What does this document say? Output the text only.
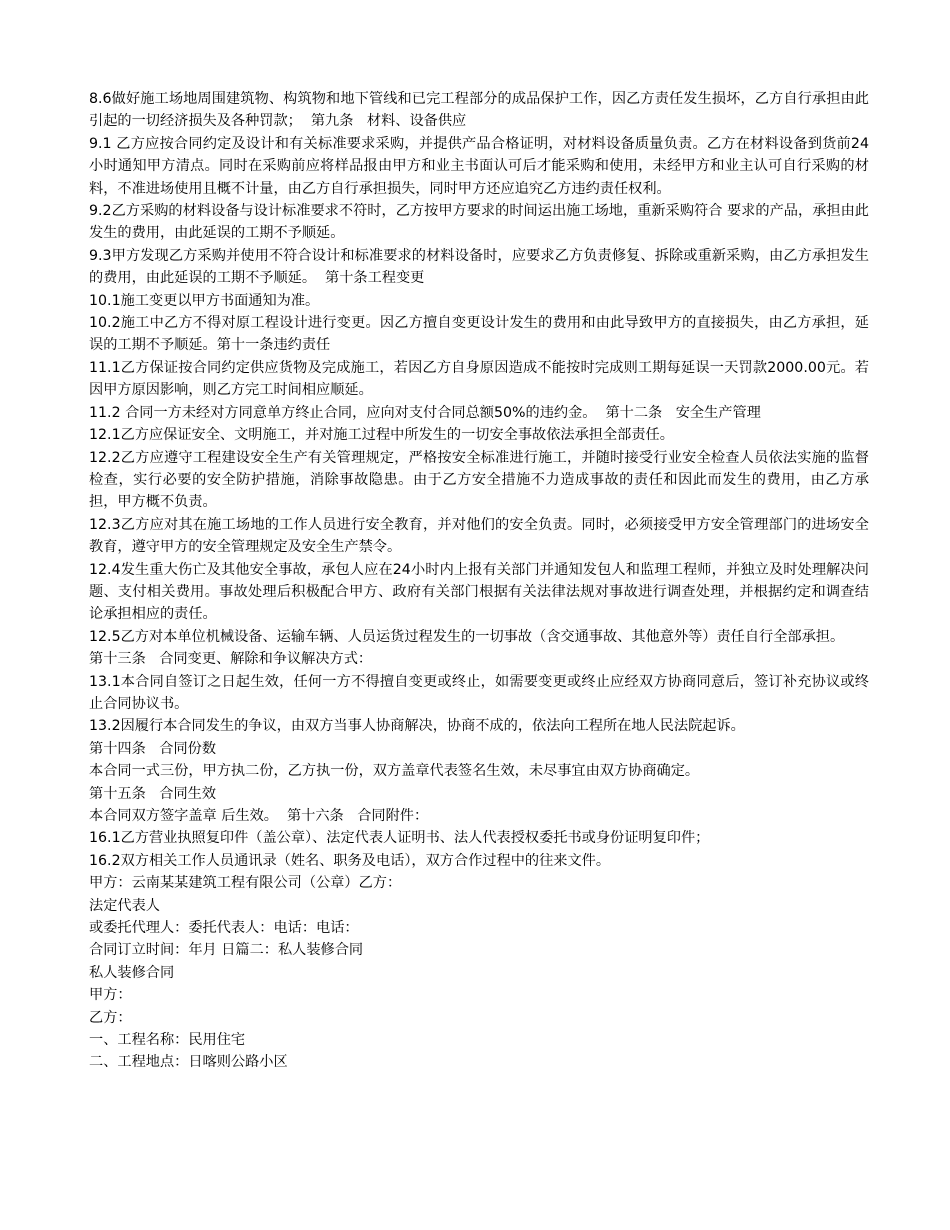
8.6做好施工场地周围建筑物、构筑物和地下管线和已完工程部分的成品保护工作，因乙方责任发生损坏，乙方自行承担由此引起的一切经济损失及各种罚款；  第九条   材料、设备供应

9.1 乙方应按合同约定及设计和有关标准要求采购，并提供产品合格证明，对材料设备质量负责。乙方在材料设备到货前24小时通知甲方清点。同时在采购前应将样品报由甲方和业主书面认可后才能采购和使用，未经甲方和业主认可自行采购的材料，不准进场使用且概不计量，由乙方自行承担损失，同时甲方还应追究乙方违约责任权利。

9.2乙方采购的材料设备与设计标准要求不符时，乙方按甲方要求的时间运出施工场地，重新采购符合 要求的产品，承担由此发生的费用，由此延误的工期不予顺延。

9.3甲方发现乙方采购并使用不符合设计和标准要求的材料设备时，应要求乙方负责修复、拆除或重新采购，由乙方承担发生的费用，由此延误的工期不予顺延。  第十条工程变更

10.1施工变更以甲方书面通知为准。

10.2施工中乙方不得对原工程设计进行变更。因乙方擅自变更设计发生的费用和由此导致甲方的直接损失，由乙方承担，延误的工期不予顺延。第十一条违约责任

11.1乙方保证按合同约定供应货物及完成施工，若因乙方自身原因造成不能按时完成则工期每延误一天罚款2000.00元。若因甲方原因影响，则乙方完工时间相应顺延。

11.2 合同一方未经对方同意单方终止合同，应向对支付合同总额50%的违约金。  第十二条   安全生产管理

12.1乙方应保证安全、文明施工，并对施工过程中所发生的一切安全事故依法承担全部责任。

12.2乙方应遵守工程建设安全生产有关管理规定，严格按安全标准进行施工，并随时接受行业安全检查人员依法实施的监督检查，实行必要的安全防护措施，消除事故隐患。由于乙方安全措施不力造成事故的责任和因此而发生的费用，由乙方承担，甲方概不负责。

12.3乙方应对其在施工场地的工作人员进行安全教育，并对他们的安全负责。同时，必须接受甲方安全管理部门的进场安全教育，遵守甲方的安全管理规定及安全生产禁令。

12.4发生重大伤亡及其他安全事故，承包人应在24小时内上报有关部门并通知发包人和监理工程师，并独立及时处理解决问题、支付相关费用。事故处理后积极配合甲方、政府有关部门根据有关法律法规对事故进行调查处理，并根据约定和调查结论承担相应的责任。

12.5乙方对本单位机械设备、运输车辆、人员运货过程发生的一切事故（含交通事故、其他意外等）责任自行全部承担。

第十三条   合同变更、解除和争议解决方式：

13.1本合同自签订之日起生效，任何一方不得擅自变更或终止，如需要变更或终止应经双方协商同意后，签订补充协议或终止合同协议书。

13.2因履行本合同发生的争议，由双方当事人协商解决，协商不成的，依法向工程所在地人民法院起诉。

第十四条   合同份数

本合同一式三份，甲方执二份，乙方执一份，双方盖章代表签名生效，未尽事宜由双方协商确定。

第十五条   合同生效

本合同双方签字盖章 后生效。  第十六条   合同附件：

16.1乙方营业执照复印件（盖公章）、法定代表人证明书、法人代表授权委托书或身份证明复印件；

16.2双方相关工作人员通讯录（姓名、职务及电话），双方合作过程中的往来文件。

甲方：云南某某建筑工程有限公司（公章）乙方：

法定代表人

或委托代理人：委托代表人：电话：电话：

合同订立时间：年月 日篇二：私人装修合同

私人装修合同

甲方：

乙方：

一、工程名称：民用住宅

二、工程地点：日喀则公路小区
